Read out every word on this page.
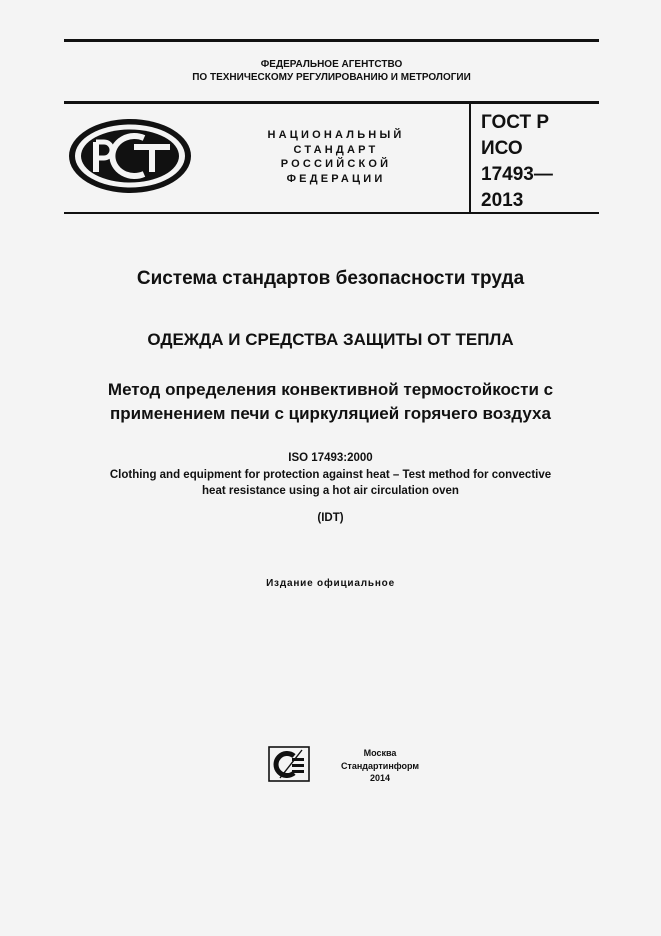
ФЕДЕРАЛЬНОЕ АГЕНТСТВО
ПО ТЕХНИЧЕСКОМУ РЕГУЛИРОВАНИЮ И МЕТРОЛОГИИ
НАЦИОНАЛЬНЫЙ
СТАНДАРТ
РОССИЙСКОЙ
ФЕДЕРАЦИИ
ГОСТ Р
ИСО
17493—
2013
Система стандартов безопасности труда
ОДЕЖДА И СРЕДСТВА ЗАЩИТЫ ОТ ТЕПЛА
Метод определения конвективной термостойкости с
применением печи с циркуляцией горячего воздуха
ISO 17493:2000
Clothing and equipment for protection against heat – Test method for convective
heat resistance using a hot air circulation oven
(IDT)
Издание официальное
Москва
Стандартинформ
2014
